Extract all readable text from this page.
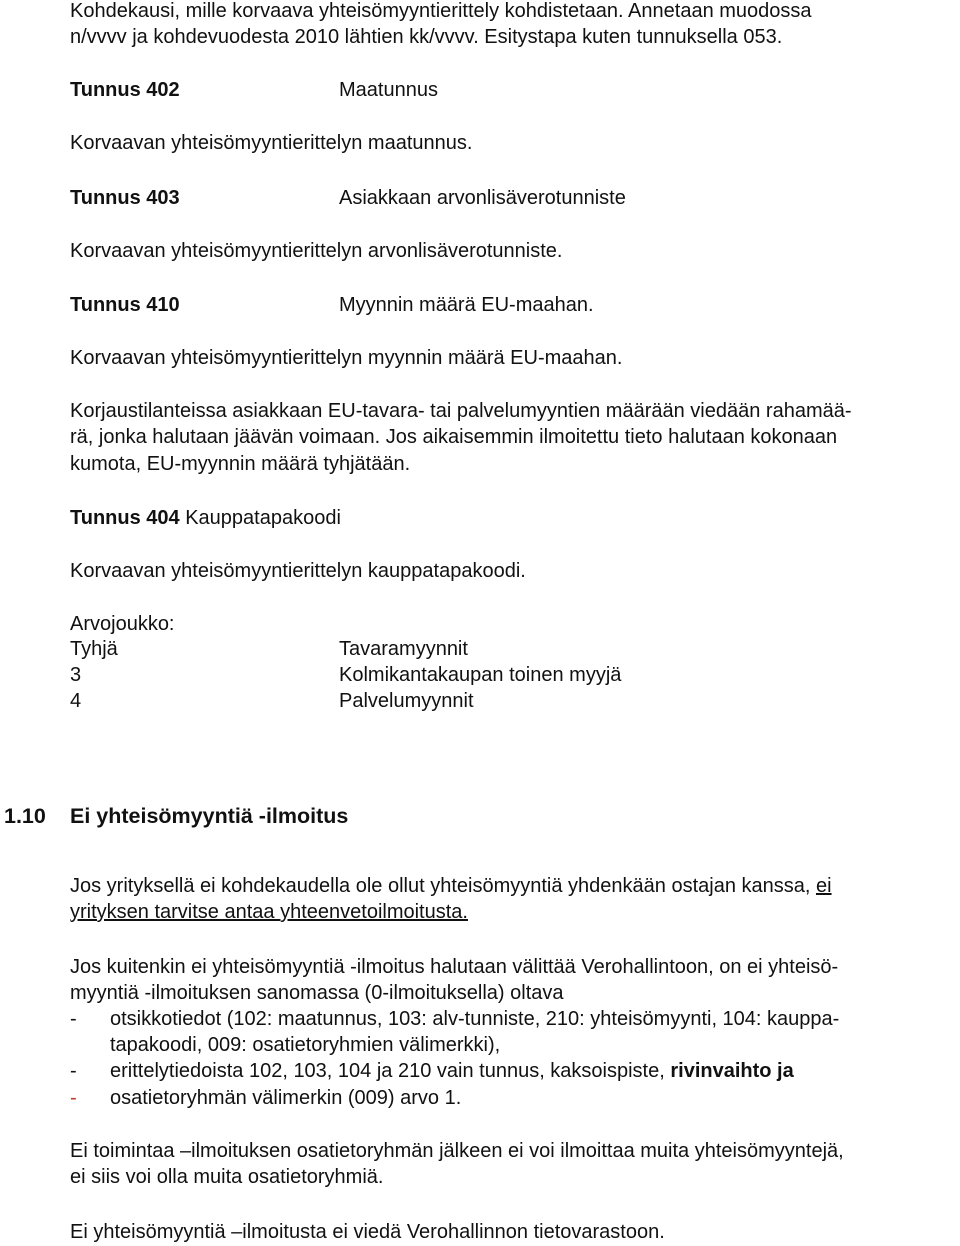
Kohdekausi, mille korvaava yhteisömyyntierittely kohdistetaan. Annetaan muodossa

n/vvvv ja kohdevuodesta 2010 lähtien kk/vvvv. Esitystapa kuten tunnuksella 053.

Tunnus 402	Maatunnus

Korvaavan yhteisömyyntierittelyn maatunnus.

Tunnus 403	Asiakkaan arvonlisäverotunniste

Korvaavan yhteisömyyntierittelyn arvonlisäverotunniste.

Tunnus 410	Myynnin määrä EU-maahan.

Korvaavan yhteisömyyntierittelyn myynnin määrä EU-maahan.

Korjaustilanteissa asiakkaan EU-tavara- tai palvelumyyntien määrään viedään rahamää-

rä, jonka halutaan jäävän voimaan. Jos aikaisemmin ilmoitettu tieto halutaan kokonaan

kumota, EU-myynnin määrä tyhjätään.

Tunnus 404 Kauppatapakoodi

Korvaavan yhteisömyyntierittelyn kauppatapakoodi.

Arvojoukko:

Tyhjä	Tavaramyynnit

3	Kolmikantakaupan toinen myyjä

4	Palvelumyynnit

1.10 Ei yhteisömyyntiä -ilmoitus

Jos yrityksellä ei kohdekaudella ole ollut yhteisömyyntiä yhdenkään ostajan kanssa, ei

yrityksen tarvitse antaa yhteenvetoilmoitusta.

Jos kuitenkin ei yhteisömyyntiä -ilmoitus halutaan välittää Verohallintoon, on ei yhteisö-

myyntiä -ilmoituksen sanomassa (0-ilmoituksella) oltava

- otsikkotiedot (102: maatunnus, 103: alv-tunniste, 210: yhteisömyynti, 104: kauppa-

tapakoodi, 009: osatietoryhmien välimerkki),

- erittelytiedoista 102, 103, 104 ja 210 vain tunnus, kaksoispiste, rivinvaihto ja

- osatietoryhmän välimerkin (009) arvo 1.

Ei toimintaa –ilmoituksen osatietoryhmän jälkeen ei voi ilmoittaa muita yhteisömyyntejä,

ei siis voi olla muita osatietoryhmiä.

Ei yhteisömyyntiä –ilmoitusta ei viedä Verohallinnon tietovarastoon.
